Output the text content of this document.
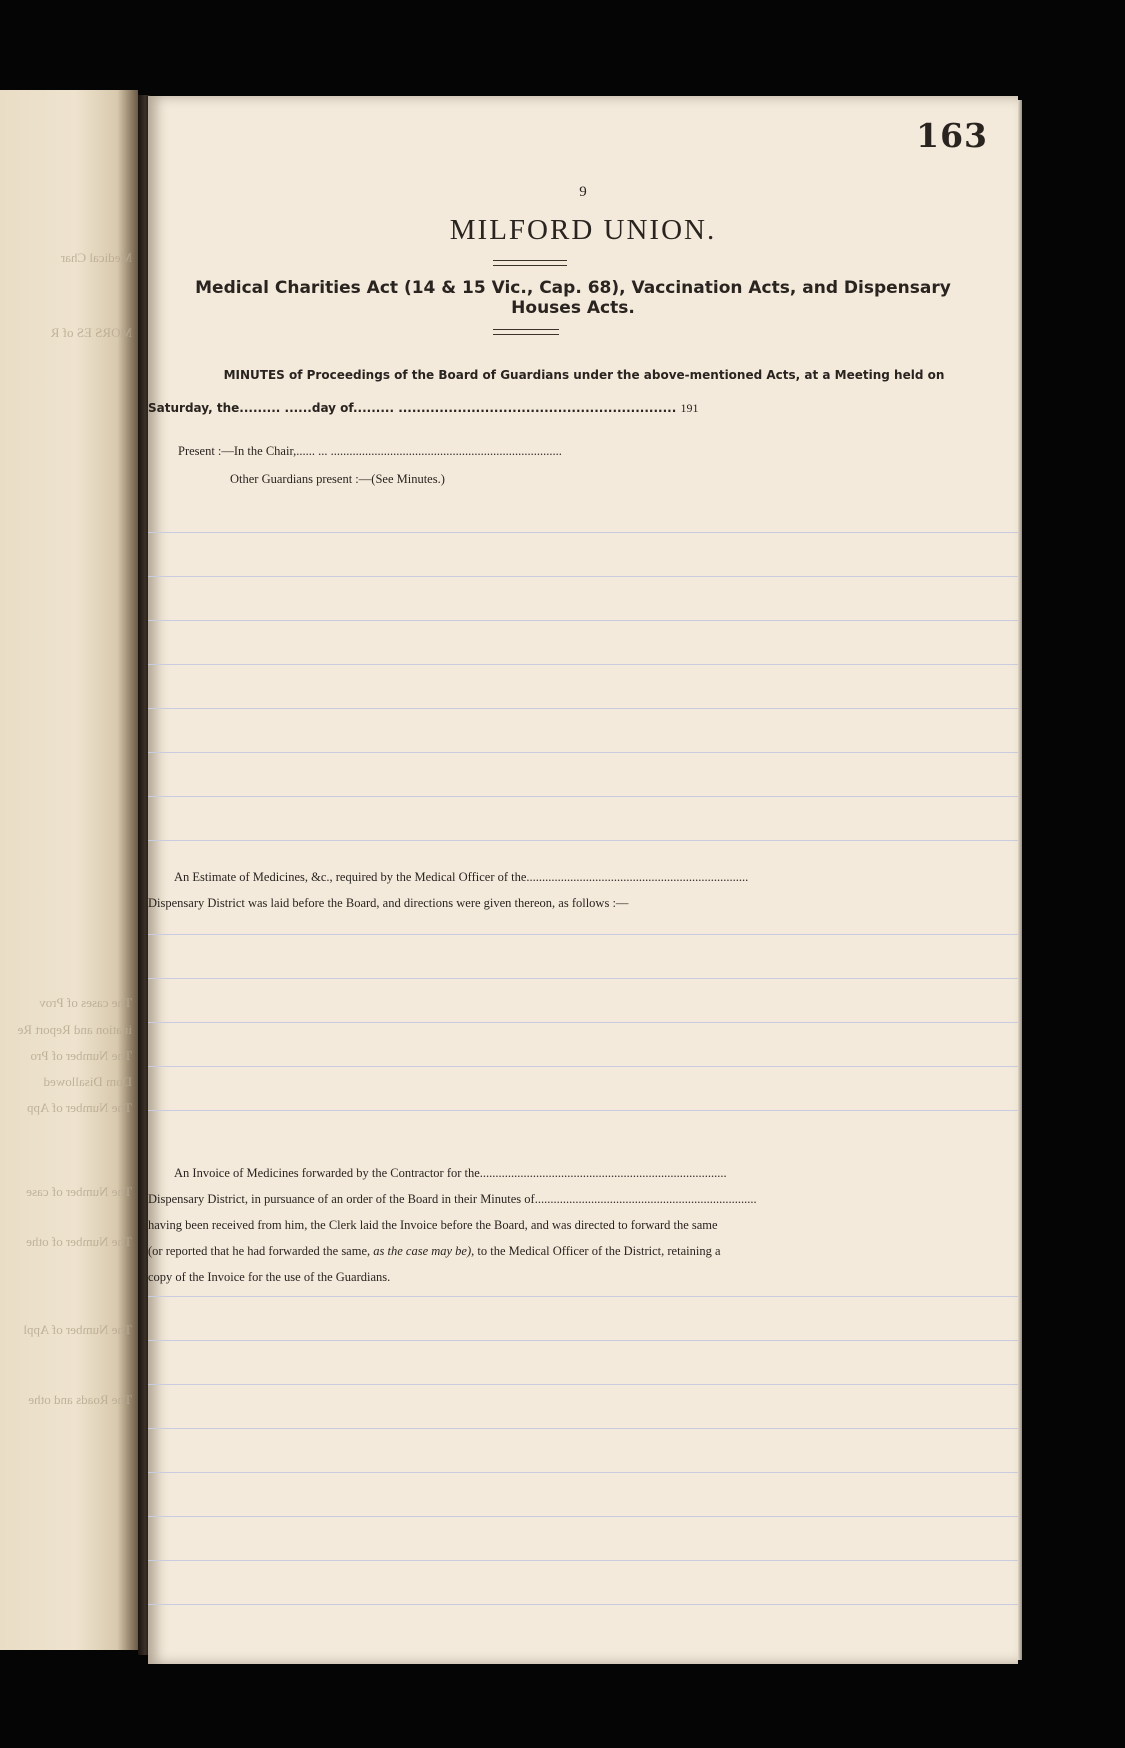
Medical Char
MORS ES of R
The cases of Prov
ination and Report Re
The Number of Pro
Dom Disallowed
The Number of App
The Number of case
The Number of othe
The Number of Appl
The Roads and othe
163
9
MILFORD UNION.
Medical Charities Act (14 & 15 Vic., Cap. 68), Vaccination Acts, and Dispensary
Houses Acts.
MINUTES of Proceedings of the Board of Guardians under the above-mentioned Acts, at a Meeting held on
Saturday, the......... ......day of......... ............................................................. 191
Present :—In the Chair,...... ... ..........................................................................
Other Guardians present :—(See Minutes.)
An Estimate of Medicines, &c., required by the Medical Officer of the.......................................................................
Dispensary District was laid before the Board, and directions were given thereon, as follows :—
An Invoice of Medicines forwarded by the Contractor for the...............................................................................
Dispensary District, in pursuance of an order of the Board in their Minutes of.......................................................................
having been received from him, the Clerk laid the Invoice before the Board, and was directed to forward the same
(or reported that he had forwarded the same, as the case may be), to the Medical Officer of the District, retaining a
copy of the Invoice for the use of the Guardians.
